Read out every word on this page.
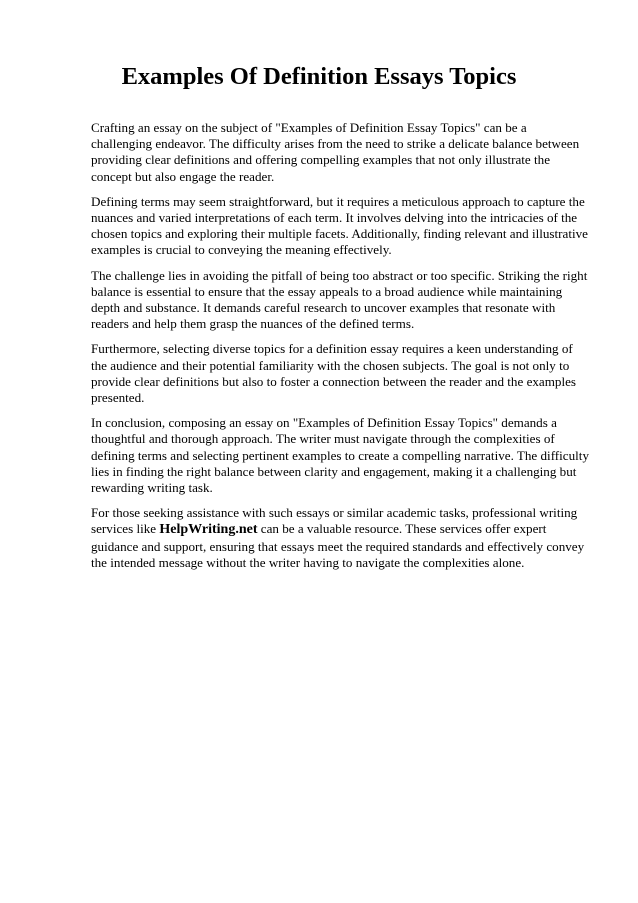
Examples Of Definition Essays Topics

Crafting an essay on the subject of "Examples of Definition Essay Topics" can be a challenging endeavor. The difficulty arises from the need to strike a delicate balance between providing clear definitions and offering compelling examples that not only illustrate the concept but also engage the reader.

Defining terms may seem straightforward, but it requires a meticulous approach to capture the nuances and varied interpretations of each term. It involves delving into the intricacies of the chosen topics and exploring their multiple facets. Additionally, finding relevant and illustrative examples is crucial to conveying the meaning effectively.

The challenge lies in avoiding the pitfall of being too abstract or too specific. Striking the right balance is essential to ensure that the essay appeals to a broad audience while maintaining depth and substance. It demands careful research to uncover examples that resonate with readers and help them grasp the nuances of the defined terms.

Furthermore, selecting diverse topics for a definition essay requires a keen understanding of the audience and their potential familiarity with the chosen subjects. The goal is not only to provide clear definitions but also to foster a connection between the reader and the examples presented.

In conclusion, composing an essay on "Examples of Definition Essay Topics" demands a thoughtful and thorough approach. The writer must navigate through the complexities of defining terms and selecting pertinent examples to create a compelling narrative. The difficulty lies in finding the right balance between clarity and engagement, making it a challenging but rewarding writing task.

For those seeking assistance with such essays or similar academic tasks, professional writing services like HelpWriting.net can be a valuable resource. These services offer expert guidance and support, ensuring that essays meet the required standards and effectively convey the intended message without the writer having to navigate the complexities alone.
